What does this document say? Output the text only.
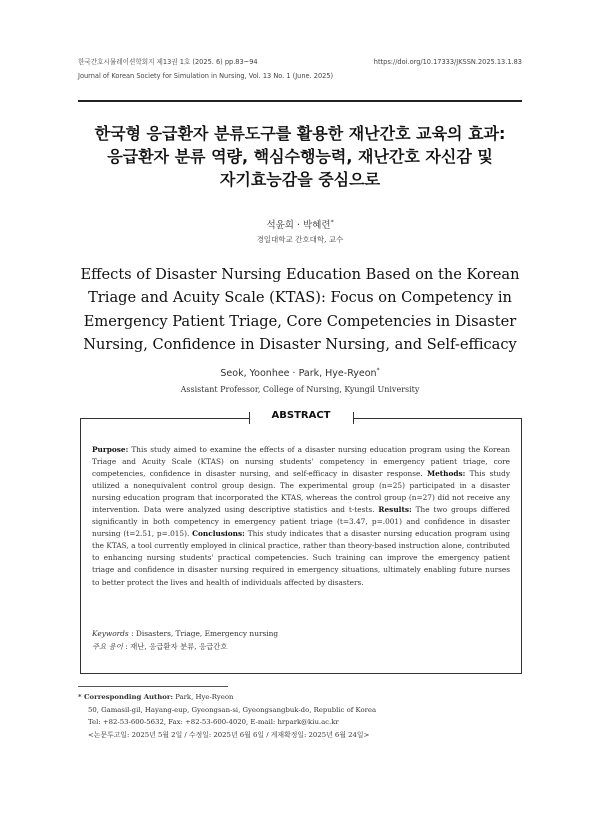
한국간호시뮬레이션학회지 제13권 1호 (2025. 6) pp.83~94	https://doi.org/10.17333/JKSSN.2025.13.1.83
Journal of Korean Society for Simulation in Nursing, Vol. 13 No. 1 (June. 2025)
한국형 응급환자 분류도구를 활용한 재난간호 교육의 효과:
응급환자 분류 역량, 핵심수행능력, 재난간호 자신감 및
자기효능감을 중심으로
석윤희 · 박혜련*
경일대학교 간호대학, 교수
Effects of Disaster Nursing Education Based on the Korean
Triage and Acuity Scale (KTAS): Focus on Competency in
Emergency Patient Triage, Core Competencies in Disaster
Nursing, Confidence in Disaster Nursing, and Self-efficacy
Seok, Yoonhee · Park, Hye-Ryeon*
Assistant Professor, College of Nursing, Kyungil University
ABSTRACT
Purpose: This study aimed to examine the effects of a disaster nursing education program using the Korean Triage and Acuity Scale (KTAS) on nursing students' competency in emergency patient triage, core competencies, confidence in disaster nursing, and self-efficacy in disaster response. Methods: This study utilized a nonequivalent control group design. The experimental group (n=25) participated in a disaster nursing education program that incorporated the KTAS, whereas the control group (n=27) did not receive any intervention. Data were analyzed using descriptive statistics and t-tests. Results: The two groups differed significantly in both competency in emergency patient triage (t=3.47, p=.001) and confidence in disaster nursing (t=2.51, p=.015). Conclusions: This study indicates that a disaster nursing education program using the KTAS, a tool currently employed in clinical practice, rather than theory-based instruction alone, contributed to enhancing nursing students' practical competencies. Such training can improve the emergency patient triage and confidence in disaster nursing required in emergency situations, ultimately enabling future nurses to better protect the lives and health of individuals affected by disasters.
Keywords : Disasters, Triage, Emergency nursing
주요 용어 : 재난, 응급환자 분류, 응급간호
* Corresponding Author: Park, Hye-Ryeon
50, Gamasil-gil, Hayang-eup, Gyeongsan-si, Gyeongsangbuk-do, Republic of Korea
Tel: +82-53-600-5632, Fax: +82-53-600-4020, E-mail: hrpark@kiu.ac.kr
<논문투고일: 2025년 5월 2일 / 수정일: 2025년 6월 6일 / 게재확정일: 2025년 6월 24일>
